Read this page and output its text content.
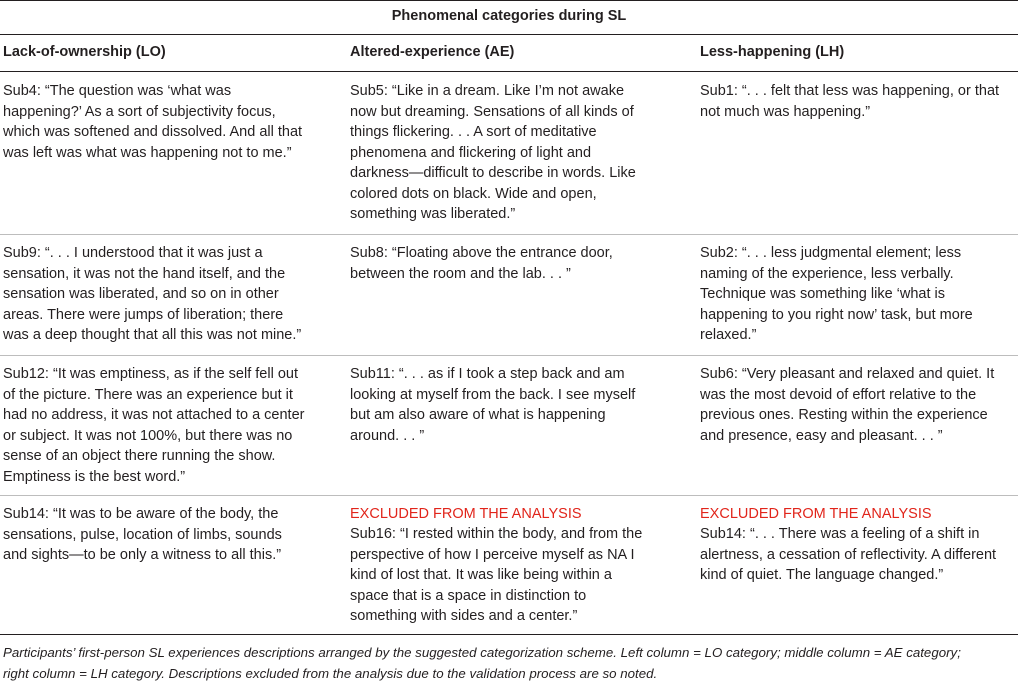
Phenomenal categories during SL
Lack-of-ownership (LO)	Altered-experience (AE)	Less-happening (LH)
Sub4: “The question was ‘what was
happening?’ As a sort of subjectivity focus,
which was softened and dissolved. And all that
was left was what was happening not to me.”
Sub5: “Like in a dream. Like I’m not awake
now but dreaming. Sensations of all kinds of
things flickering. . . A sort of meditative
phenomena and flickering of light and
darkness—difficult to describe in words. Like
colored dots on black. Wide and open,
something was liberated.”
Sub1: “. . . felt that less was happening, or that
not much was happening.”
Sub9: “. . . I understood that it was just a
sensation, it was not the hand itself, and the
sensation was liberated, and so on in other
areas. There were jumps of liberation; there
was a deep thought that all this was not mine.”
Sub8: “Floating above the entrance door,
between the room and the lab. . . ”
Sub2: “. . . less judgmental element; less
naming of the experience, less verbally.
Technique was something like ‘what is
happening to you right now’ task, but more
relaxed.”
Sub12: “It was emptiness, as if the self fell out
of the picture. There was an experience but it
had no address, it was not attached to a center
or subject. It was not 100%, but there was no
sense of an object there running the show.
Emptiness is the best word.”
Sub11: “. . . as if I took a step back and am
looking at myself from the back. I see myself
but am also aware of what is happening
around. . . ”
Sub6: “Very pleasant and relaxed and quiet. It
was the most devoid of effort relative to the
previous ones. Resting within the experience
and presence, easy and pleasant. . . ”
Sub14: “It was to be aware of the body, the
sensations, pulse, location of limbs, sounds
and sights—to be only a witness to all this.”
EXCLUDED FROM THE ANALYSIS
Sub16: “I rested within the body, and from the
perspective of how I perceive myself as NA I
kind of lost that. It was like being within a
space that is a space in distinction to
something with sides and a center.”
EXCLUDED FROM THE ANALYSIS
Sub14: “. . . There was a feeling of a shift in
alertness, a cessation of reflectivity. A different
kind of quiet. The language changed.”
Participants’ first-person SL experiences descriptions arranged by the suggested categorization scheme. Left column = LO category; middle column = AE category;
right column = LH category. Descriptions excluded from the analysis due to the validation process are so noted.
